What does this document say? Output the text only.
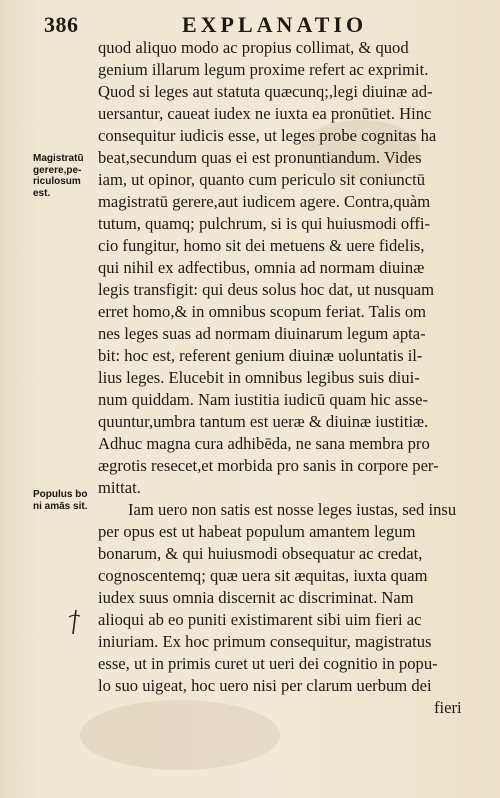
386	EXPLANATIO
quod aliquo modo ac propius collimat, & quod
genium illarum legum proxime refert ac exprimit.
Quod si leges aut statuta quæcunq;,legi diuinæ ad-
uersantur, caueat iudex ne iuxta ea pronūtiet. Hinc
consequitur iudicis esse, ut leges probe cognitas ha
beat,secundum quas ei est pronuntiandum. Vides
iam, ut opinor, quanto cum periculo sit coniunctū
magistratū gerere,aut iudicem agere. Contra,quàm
tutum, quamq; pulchrum, si is qui huiusmodi offi-
cio fungitur, homo sit dei metuens & uere fidelis,
qui nihil ex adfectibus, omnia ad normam diuinæ
legis transfigit: qui deus solus hoc dat, ut nusquam
erret homo,& in omnibus scopum feriat. Talis om
nes leges suas ad normam diuinarum legum apta-
bit: hoc est, referent genium diuinæ uoluntatis il-
lius leges. Elucebit in omnibus legibus suis diui-
num quiddam. Nam iustitia iudicū quam hic asse-
quuntur,umbra tantum est ueræ & diuinæ iustitiæ.
Adhuc magna cura adhibēda, ne sana membra pro
ægrotis resecet,et morbida pro sanis in corpore per-
mittat.
Iam uero non satis est nosse leges iustas, sed insu
per opus est ut habeat populum amantem legum
bonarum, & qui huiusmodi obsequatur ac credat,
cognoscentemq; quæ uera sit æquitas, iuxta quam
iudex suus omnia discernit ac discriminat. Nam
alioqui ab eo puniti existimarent sibi uim fieri ac
iniuriam. Ex hoc primum consequitur, magistratus
esse, ut in primis curet ut ueri dei cognitio in popu-
lo suo uigeat, hoc uero nisi per clarum uerbum dei
fieri
Magistratū
gerere,pe-
riculosum
est.
Populus bo
ni amās sit.
